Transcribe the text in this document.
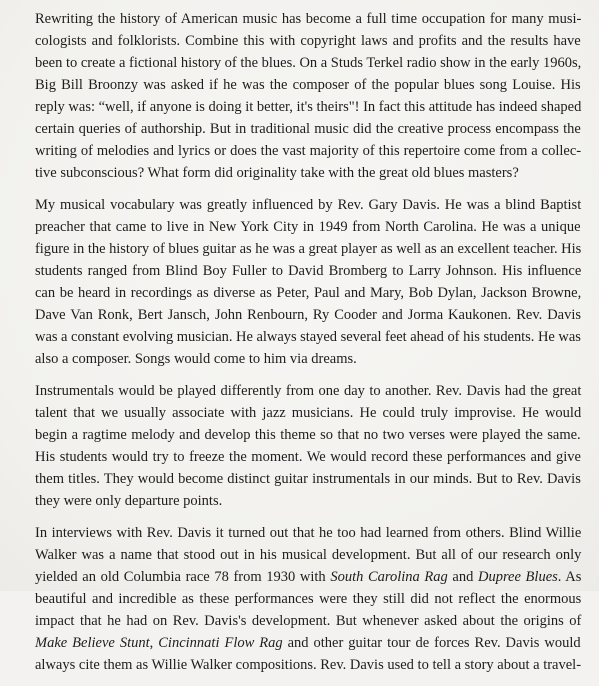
Rewriting the history of American music has become a full time occupation for many musi-
cologists and folklorists. Combine this with copyright laws and profits and the results have
been to create a fictional history of the blues. On a Studs Terkel radio show in the early 1960s,
Big Bill Broonzy was asked if he was the composer of the popular blues song Louise. His
reply was: “well, if anyone is doing it better, it's theirs"! In fact this attitude has indeed shaped
certain queries of authorship. But in traditional music did the creative process encompass the
writing of melodies and lyrics or does the vast majority of this repertoire come from a collec-
tive subconscious? What form did originality take with the great old blues masters?
My musical vocabulary was greatly influenced by Rev. Gary Davis. He was a blind Baptist
preacher that came to live in New York City in 1949 from North Carolina. He was a unique
figure in the history of blues guitar as he was a great player as well as an excellent teacher. His
students ranged from Blind Boy Fuller to David Bromberg to Larry Johnson. His influence
can be heard in recordings as diverse as Peter, Paul and Mary, Bob Dylan, Jackson Browne,
Dave Van Ronk, Bert Jansch, John Renbourn, Ry Cooder and Jorma Kaukonen. Rev. Davis
was a constant evolving musician. He always stayed several feet ahead of his students. He was
also a composer. Songs would come to him via dreams.
Instrumentals would be played differently from one day to another. Rev. Davis had the great
talent that we usually associate with jazz musicians. He could truly improvise. He would
begin a ragtime melody and develop this theme so that no two verses were played the same.
His students would try to freeze the moment. We would record these performances and give
them titles. They would become distinct guitar instrumentals in our minds. But to Rev. Davis
they were only departure points.
In interviews with Rev. Davis it turned out that he too had learned from others. Blind Willie
Walker was a name that stood out in his musical development. But all of our research only
yielded an old Columbia race 78 from 1930 with South Carolina Rag and Dupree Blues. As
beautiful and incredible as these performances were they still did not reflect the enormous
impact that he had on Rev. Davis's development. But whenever asked about the origins of
Make Believe Stunt, Cincinnati Flow Rag and other guitar tour de forces Rev. Davis would
always cite them as Willie Walker compositions. Rev. Davis used to tell a story about a travel-
